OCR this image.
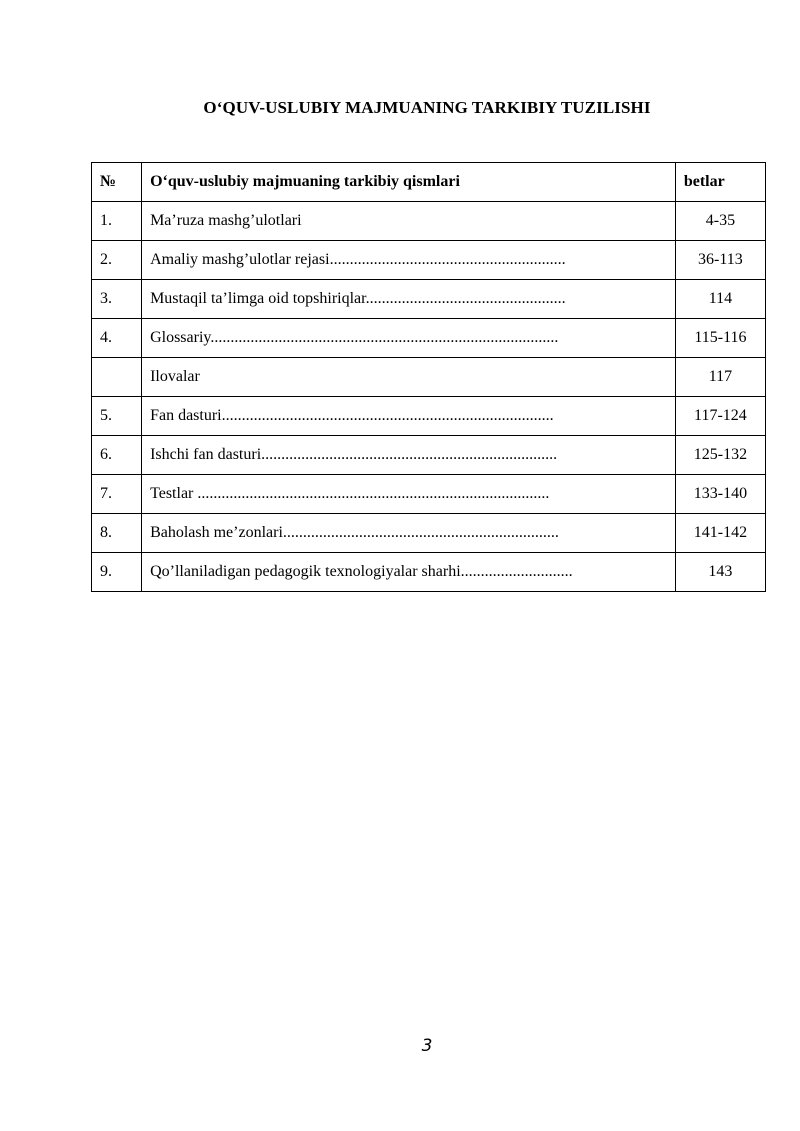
O‘QUV-USLUBIY MAJMUANING TARKIBIY TUZILISHI
№	O‘quv-uslubiy majmuaning tarkibiy qismlari	betlar
1.	Ma’ruza mashg’ulotlari	4-35
2.	Amaliy mashg’ulotlar rejasi...........................................................	36-113
3.	Mustaqil ta’limga oid topshiriqlar..................................................	114
4.	Glossariy.......................................................................................	115-116
	Ilovalar	117
5.	Fan dasturi...................................................................................	117-124
6.	Ishchi fan dasturi..........................................................................	125-132
7.	Testlar ........................................................................................	133-140
8.	Baholash me’zonlari.....................................................................	141-142
9.	Qo’llaniladigan pedagogik texnologiyalar sharhi............................	143
3
